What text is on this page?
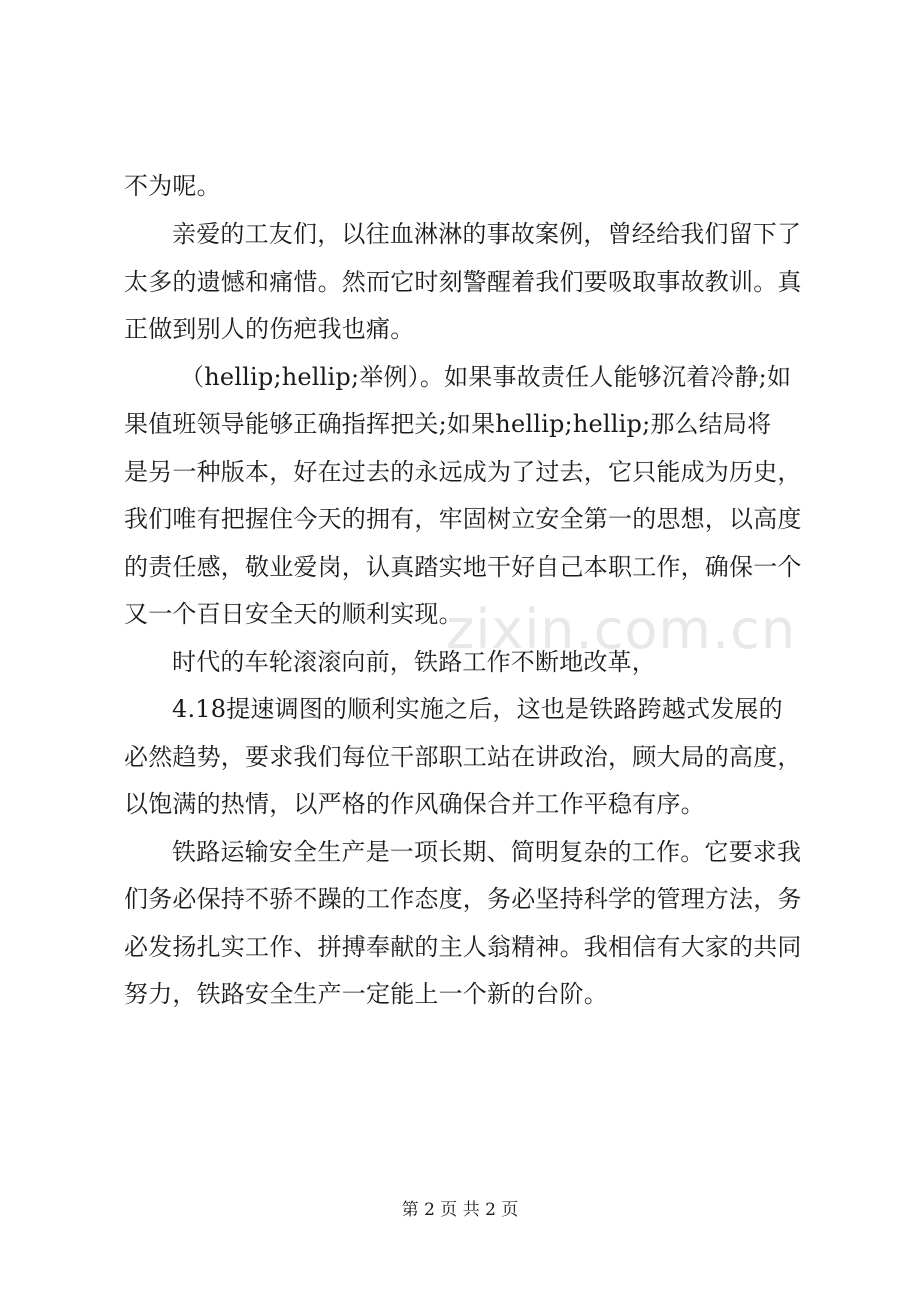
不为呢。
亲爱的工友们，以往血淋淋的事故案例，曾经给我们留下了
太多的遗憾和痛惜。然而它时刻警醒着我们要吸取事故教训。真
正做到别人的伤疤我也痛。
（hellip;hellip;举例）。如果事故责任人能够沉着冷静;如
果值班领导能够正确指挥把关;如果hellip;hellip;那么结局将
是另一种版本，好在过去的永远成为了过去，它只能成为历史，
我们唯有把握住今天的拥有，牢固树立安全第一的思想，以高度
的责任感，敬业爱岗，认真踏实地干好自己本职工作，确保一个
又一个百日安全天的顺利实现。
时代的车轮滚滚向前，铁路工作不断地改革，
4.18提速调图的顺利实施之后，这也是铁路跨越式发展的
必然趋势，要求我们每位干部职工站在讲政治，顾大局的高度，
以饱满的热情，以严格的作风确保合并工作平稳有序。
铁路运输安全生产是一项长期、简明复杂的工作。它要求我
们务必保持不骄不躁的工作态度，务必坚持科学的管理方法，务
必发扬扎实工作、拼搏奉献的主人翁精神。我相信有大家的共同
努力，铁路安全生产一定能上一个新的台阶。
zixin.com.cn
第 2 页 共 2 页
